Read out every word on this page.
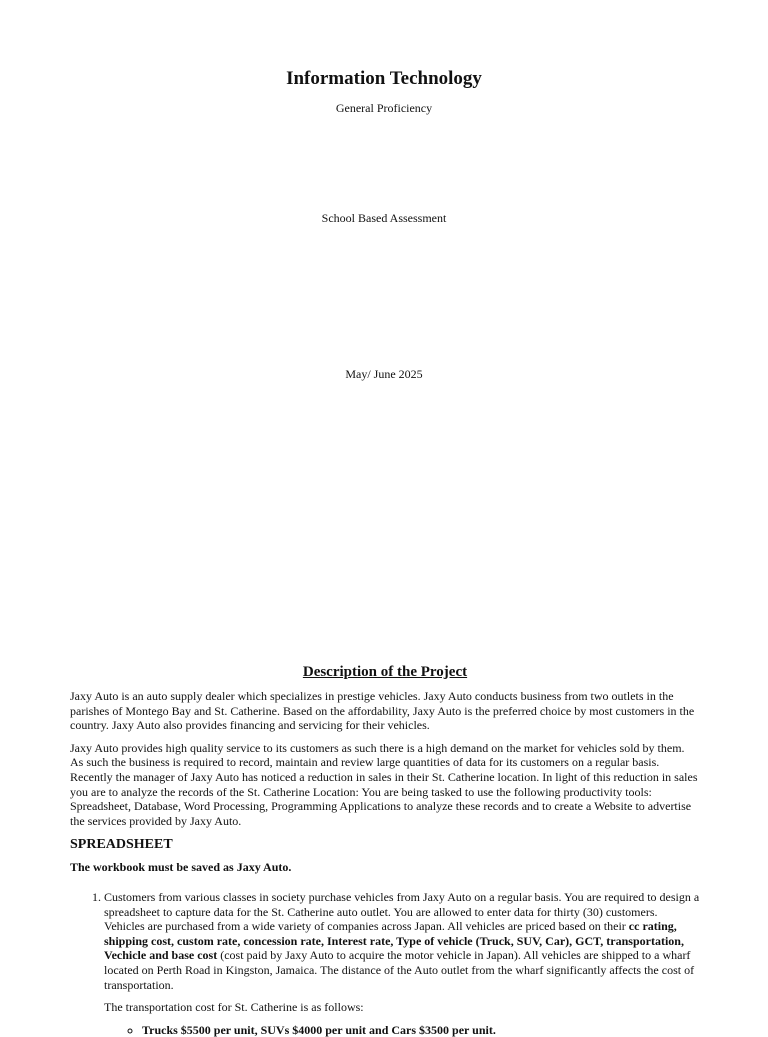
Information Technology
General Proficiency
School Based Assessment
May/ June 2025
Description of the Project

Jaxy Auto is an auto supply dealer which specializes in prestige vehicles. Jaxy Auto conducts business from two outlets in the parishes of Montego Bay and St. Catherine. Based on the affordability, Jaxy Auto is the preferred choice by most customers in the country. Jaxy Auto also provides financing and servicing for their vehicles.

Jaxy Auto provides high quality service to its customers as such there is a high demand on the market for vehicles sold by them. As such the business is required to record, maintain and review large quantities of data for its customers on a regular basis. Recently the manager of Jaxy Auto has noticed a reduction in sales in their St. Catherine location. In light of this reduction in sales you are to analyze the records of the St. Catherine Location: You are being tasked to use the following productivity tools: Spreadsheet, Database, Word Processing, Programming Applications to analyze these records and to create a Website to advertise the services provided by Jaxy Auto.

SPREADSHEET

The workbook must be saved as Jaxy Auto.

1. Customers from various classes in society purchase vehicles from Jaxy Auto on a regular basis. You are required to design a spreadsheet to capture data for the St. Catherine auto outlet. You are allowed to enter data for thirty (30) customers. Vehicles are purchased from a wide variety of companies across Japan. All vehicles are priced based on their cc rating, shipping cost, custom rate, concession rate, Interest rate, Type of vehicle (Truck, SUV, Car), GCT, transportation, Vechicle and base cost (cost paid by Jaxy Auto to acquire the motor vehicle in Japan). All vehicles are shipped to a wharf located on Perth Road in Kingston, Jamaica. The distance of the Auto outlet from the wharf significantly affects the cost of transportation.

The transportation cost for St. Catherine is as follows:

◦ Trucks $5500 per unit, SUVs $4000 per unit and Cars $3500 per unit.
